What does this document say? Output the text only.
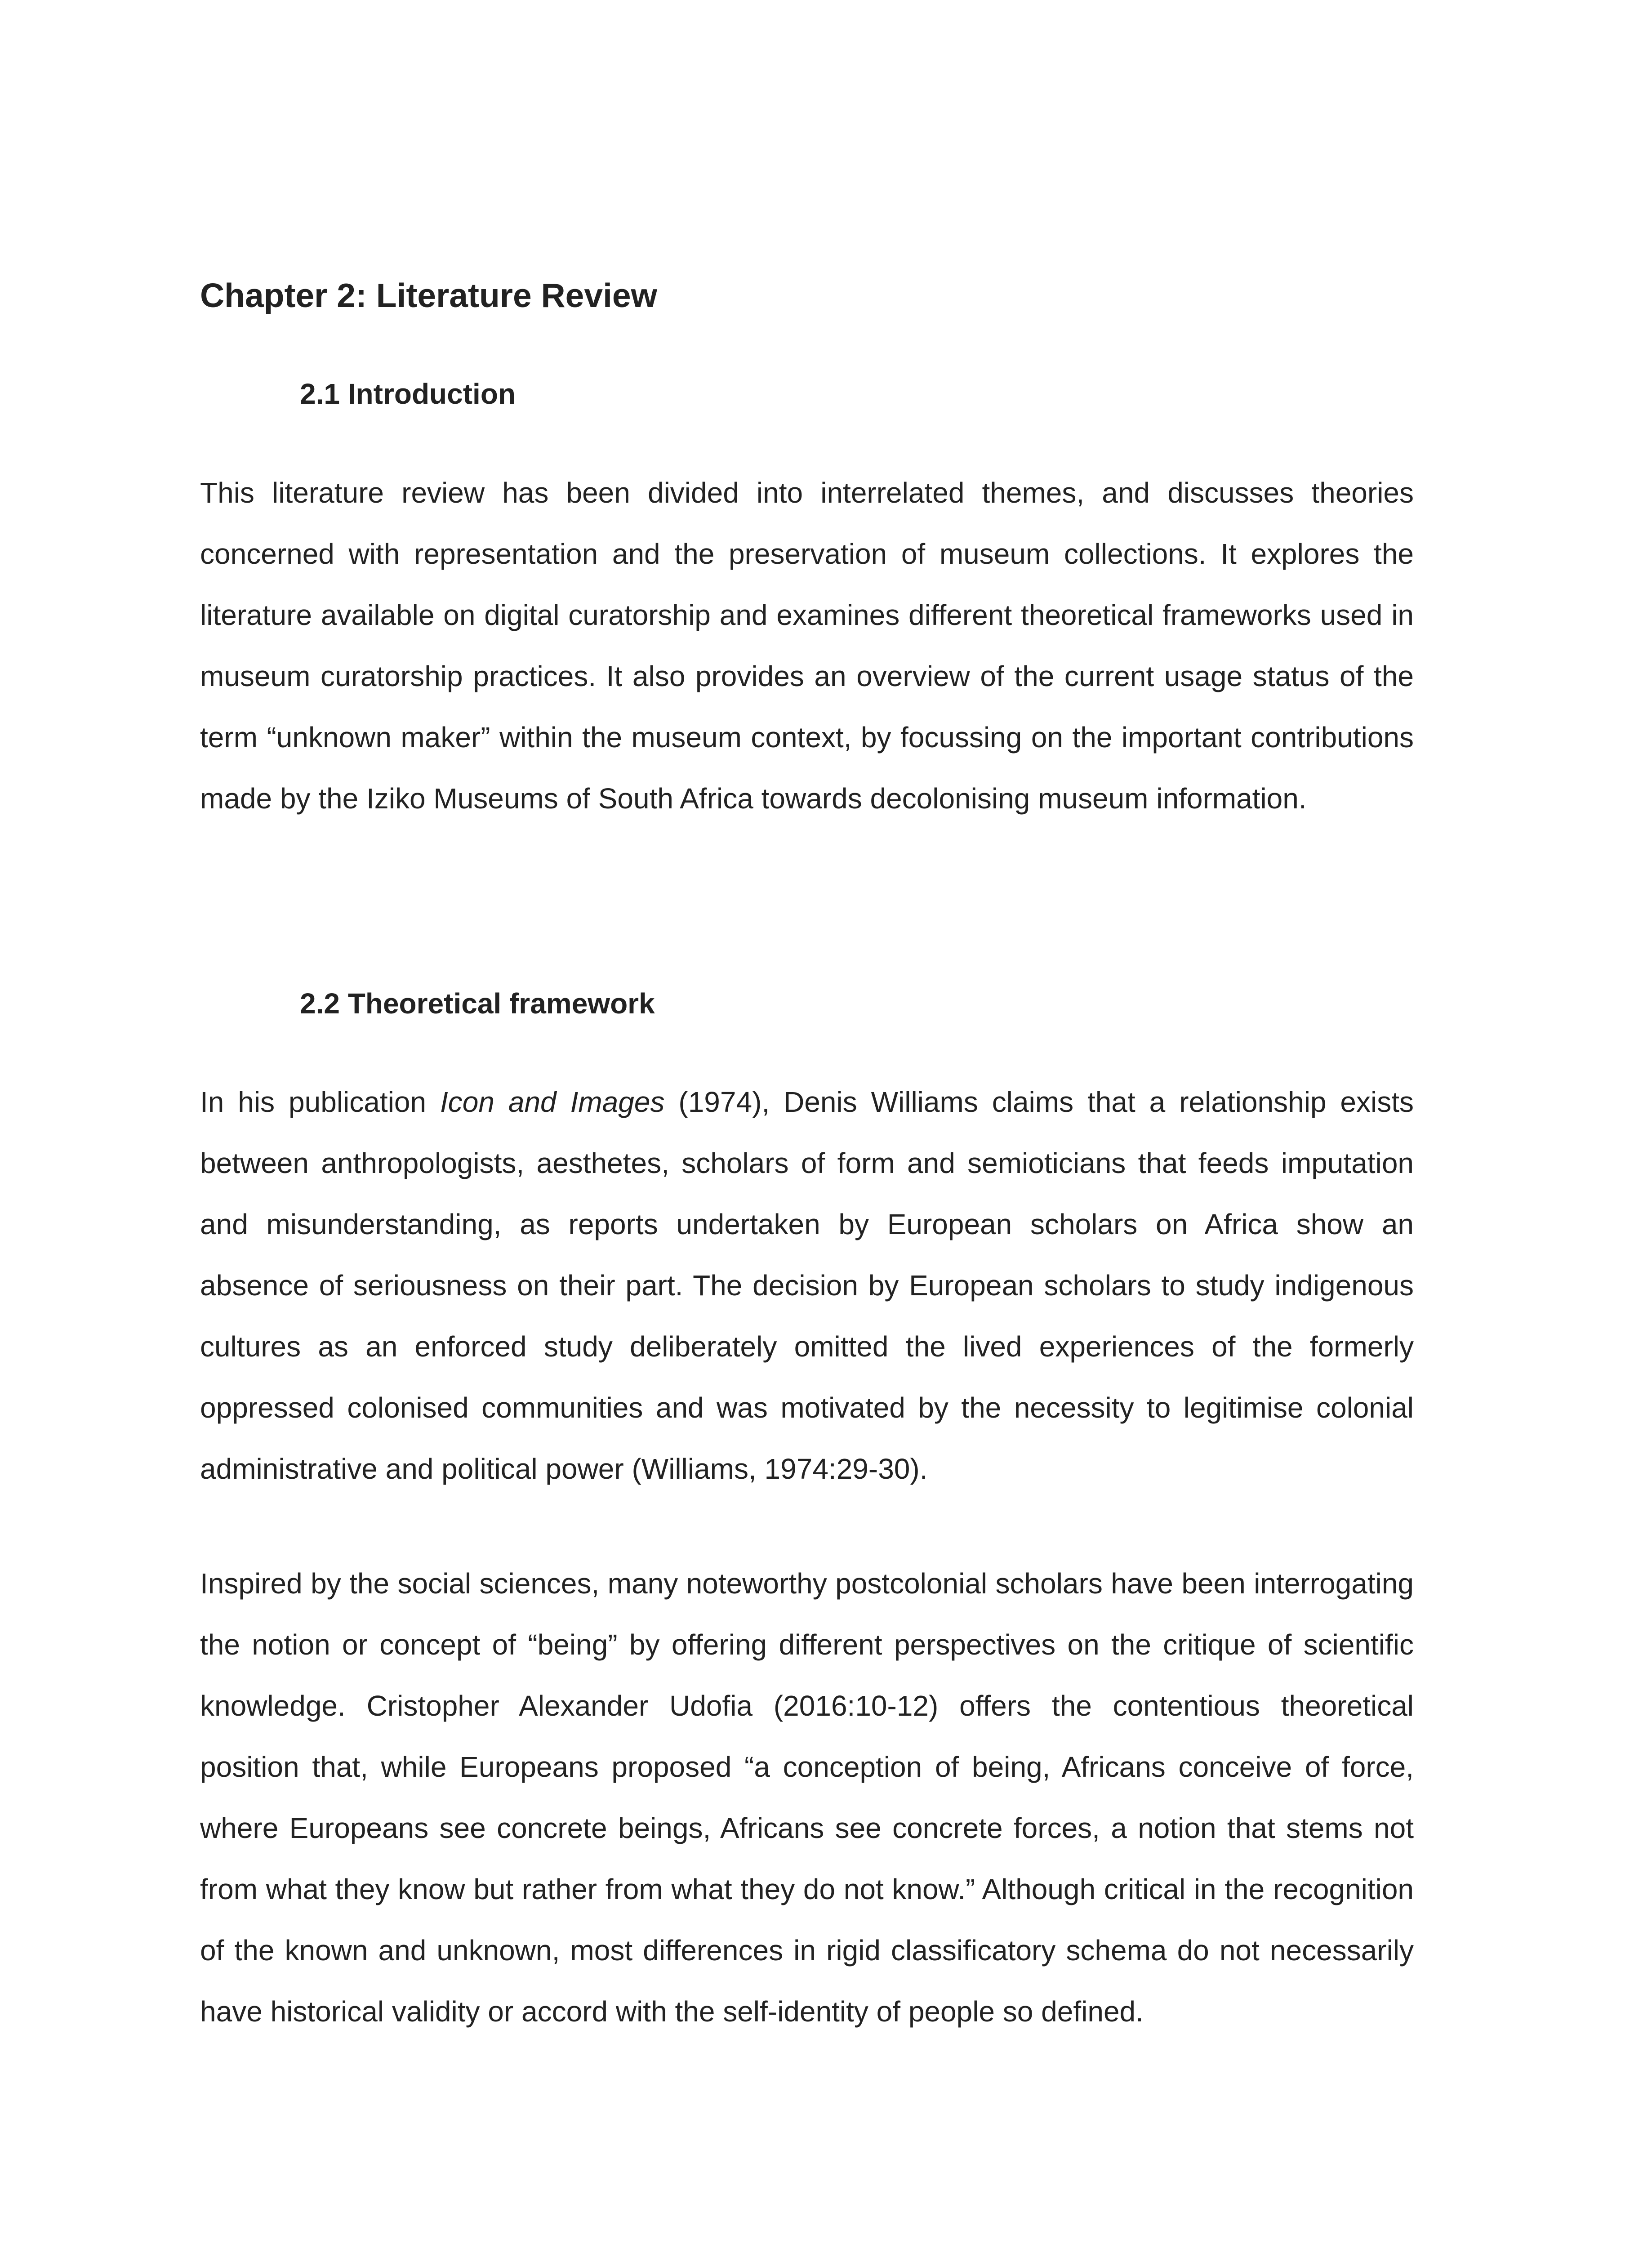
Chapter 2: Literature Review
2.1 Introduction

This literature review has been divided into interrelated themes, and discusses theories concerned with representation and the preservation of museum collections. It explores the literature available on digital curatorship and examines different theoretical frameworks used in museum curatorship practices. It also provides an overview of the current usage status of the term “unknown maker” within the museum context, by focussing on the important contributions made by the Iziko Museums of South Africa towards decolonising museum information.

2.2 Theoretical framework

In his publication Icon and Images (1974), Denis Williams claims that a relationship exists between anthropologists, aesthetes, scholars of form and semioticians that feeds imputation and misunderstanding, as reports undertaken by European scholars on Africa show an absence of seriousness on their part. The decision by European scholars to study indigenous cultures as an enforced study deliberately omitted the lived experiences of the formerly oppressed colonised communities and was motivated by the necessity to legitimise colonial administrative and political power (Williams, 1974:29-30).

Inspired by the social sciences, many noteworthy postcolonial scholars have been interrogating the notion or concept of “being” by offering different perspectives on the critique of scientific knowledge. Cristopher Alexander Udofia (2016:10-12) offers the contentious theoretical position that, while Europeans proposed “a conception of being, Africans conceive of force, where Europeans see concrete beings, Africans see concrete forces, a notion that stems not from what they know but rather from what they do not know.” Although critical in the recognition of the known and unknown, most differences in rigid classificatory schema do not necessarily have historical validity or accord with the self-identity of people so defined.
